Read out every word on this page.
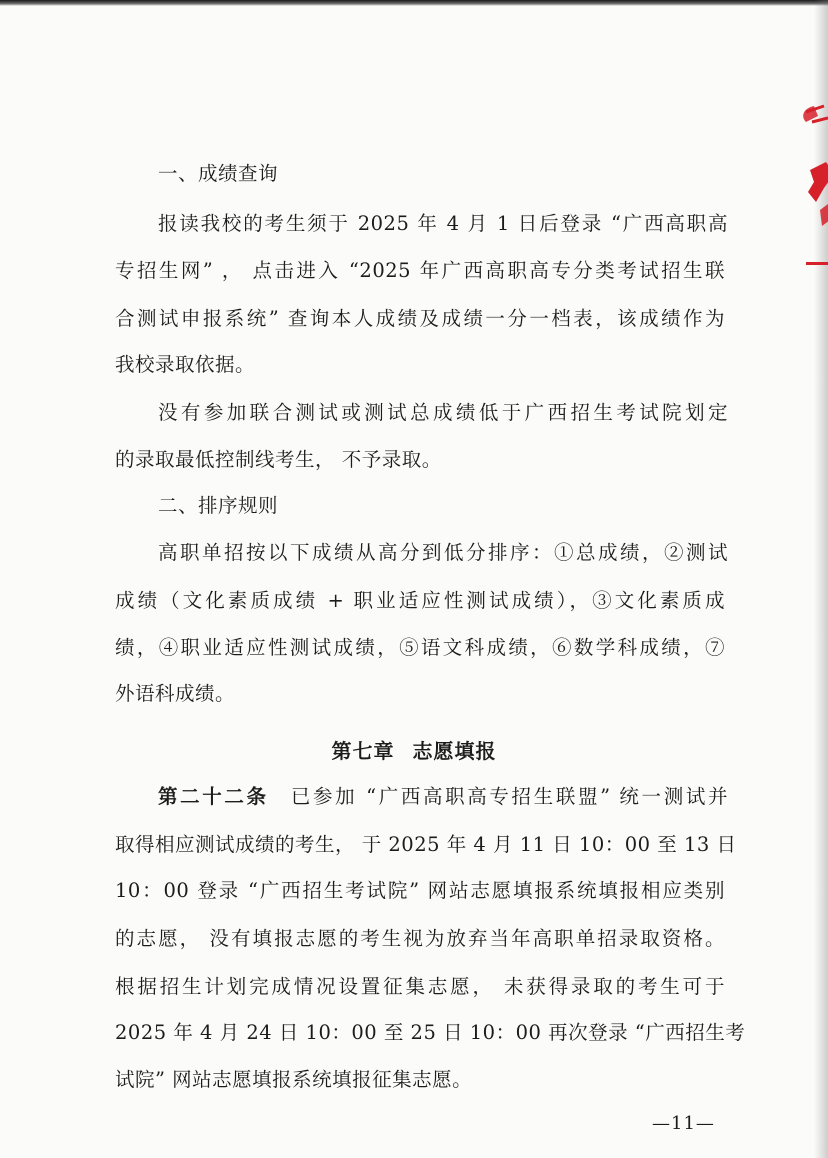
一、成绩查询
报读我校的考生须于 2025 年 4 月 1 日后登录 “广西高职高
专招生网” ， 点击进入 “2025 年广西高职高专分类考试招生联
合测试申报系统” 查询本人成绩及成绩一分一档表，该成绩作为
我校录取依据。
没有参加联合测试或测试总成绩低于广西招生考试院划定
的录取最低控制线考生， 不予录取。
二、排序规则
高职单招按以下成绩从高分到低分排序：①总成绩，②测试
成绩（文化素质成绩 + 职业适应性测试成绩），③文化素质成
绩，④职业适应性测试成绩，⑤语文科成绩，⑥数学科成绩，⑦
外语科成绩。
第七章 志愿填报
第二十二条　 已参加 “广西高职高专招生联盟” 统一测试并
取得相应测试成绩的考生， 于 2025 年 4 月 11 日 10：00 至 13 日
10：00 登录 “广西招生考试院” 网站志愿填报系统填报相应类别
的志愿， 没有填报志愿的考生视为放弃当年高职单招录取资格。
根据招生计划完成情况设置征集志愿， 未获得录取的考生可于
2025 年 4 月 24 日 10：00 至 25 日 10：00 再次登录 “广西招生考
试院” 网站志愿填报系统填报征集志愿。
—11—
